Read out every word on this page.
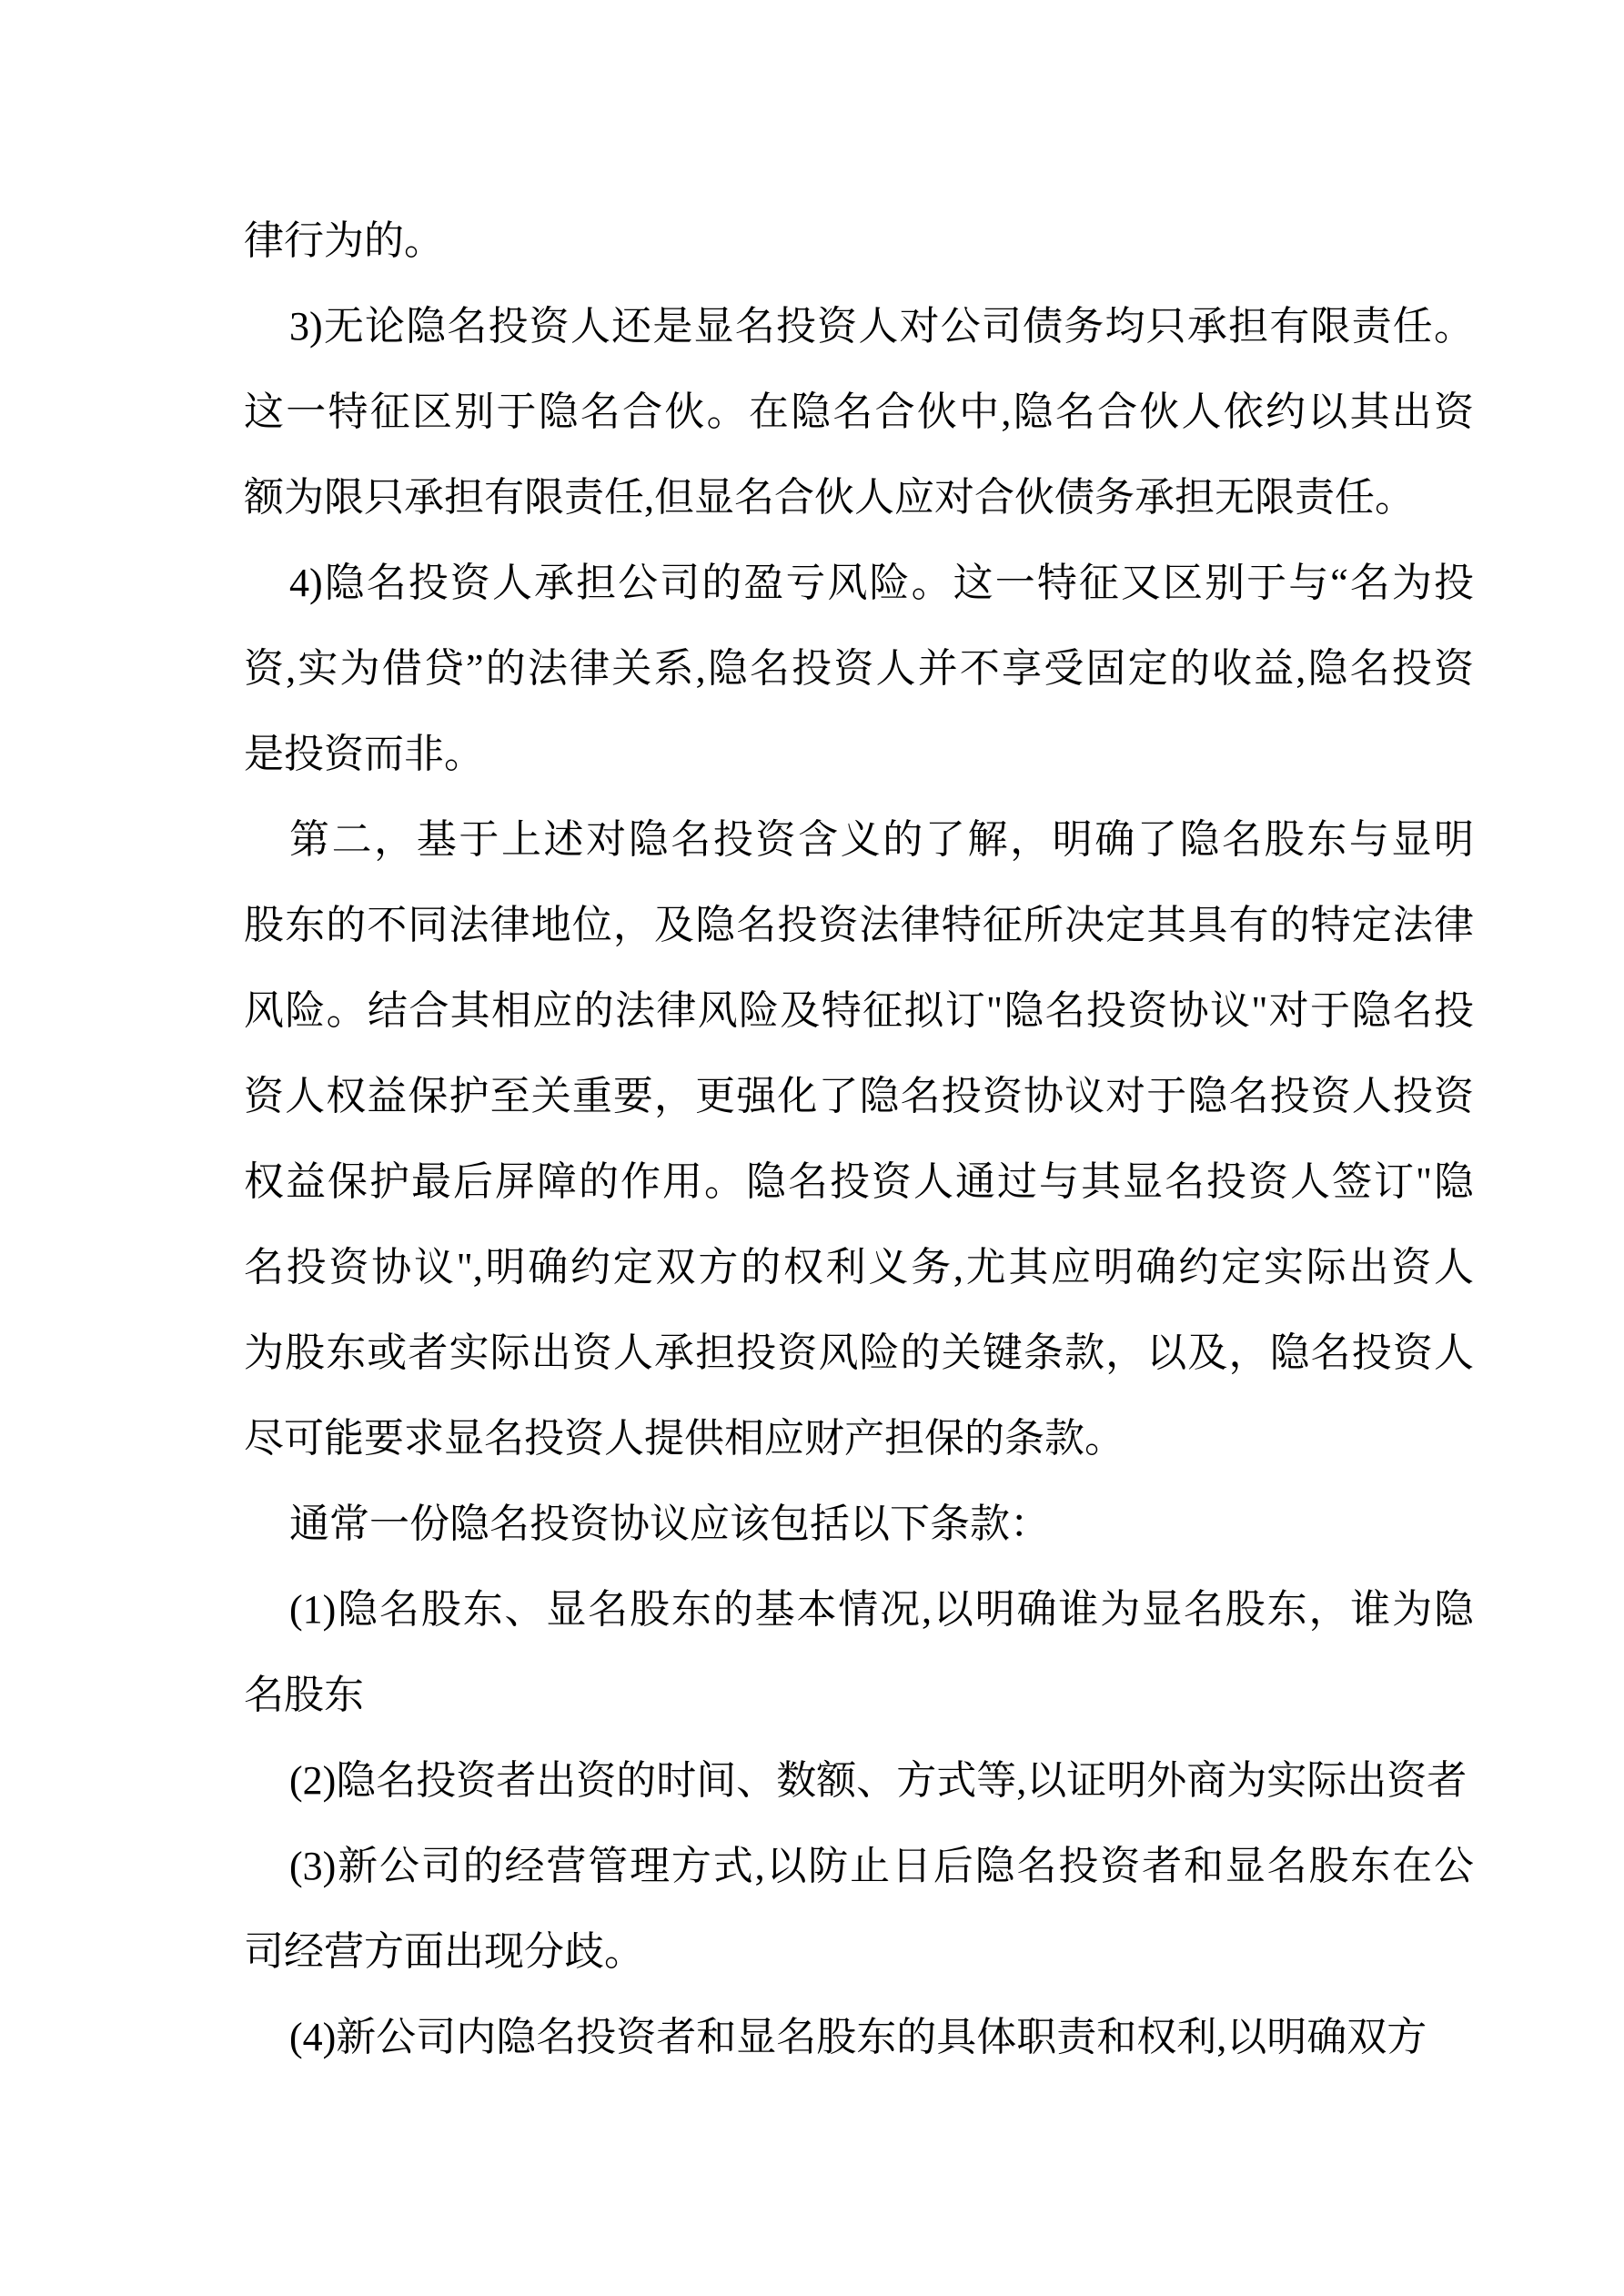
律行为的。
3)无论隐名投资人还是显名投资人对公司债务均只承担有限责任。
这一特征区别于隐名合伙。在隐名合伙中,隐名合伙人依约以其出资
额为限只承担有限责任,但显名合伙人应对合伙债务承担无限责任。
4)隐名投资人承担公司的盈亏风险。这一特征又区别于与“名为投
资,实为借贷”的法律关系,隐名投资人并不享受固定的收益,隐名投资
是投资而非。
第二，基于上述对隐名投资含义的了解，明确了隐名股东与显明
股东的不同法律地位，及隐名投资法律特征所决定其具有的特定法律
风险。结合其相应的法律风险及特征拟订"隐名投资协议"对于隐名投
资人权益保护至关重要，更强化了隐名投资协议对于隐名投资人投资
权益保护最后屏障的作用。隐名投资人通过与其显名投资人签订"隐
名投资协议",明确约定双方的权利义务,尤其应明确约定实际出资人
为股东或者实际出资人承担投资风险的关键条款，以及，隐名投资人
尽可能要求显名投资人提供相应财产担保的条款。
通常一份隐名投资协议应该包括以下条款：
(1)隐名股东、显名股东的基本情况,以明确谁为显名股东，谁为隐
名股东
(2)隐名投资者出资的时间、数额、方式等,以证明外商为实际出资者
(3)新公司的经营管理方式,以防止日后隐名投资者和显名股东在公
司经营方面出现分歧。
(4)新公司内隐名投资者和显名股东的具体职责和权利,以明确双方
